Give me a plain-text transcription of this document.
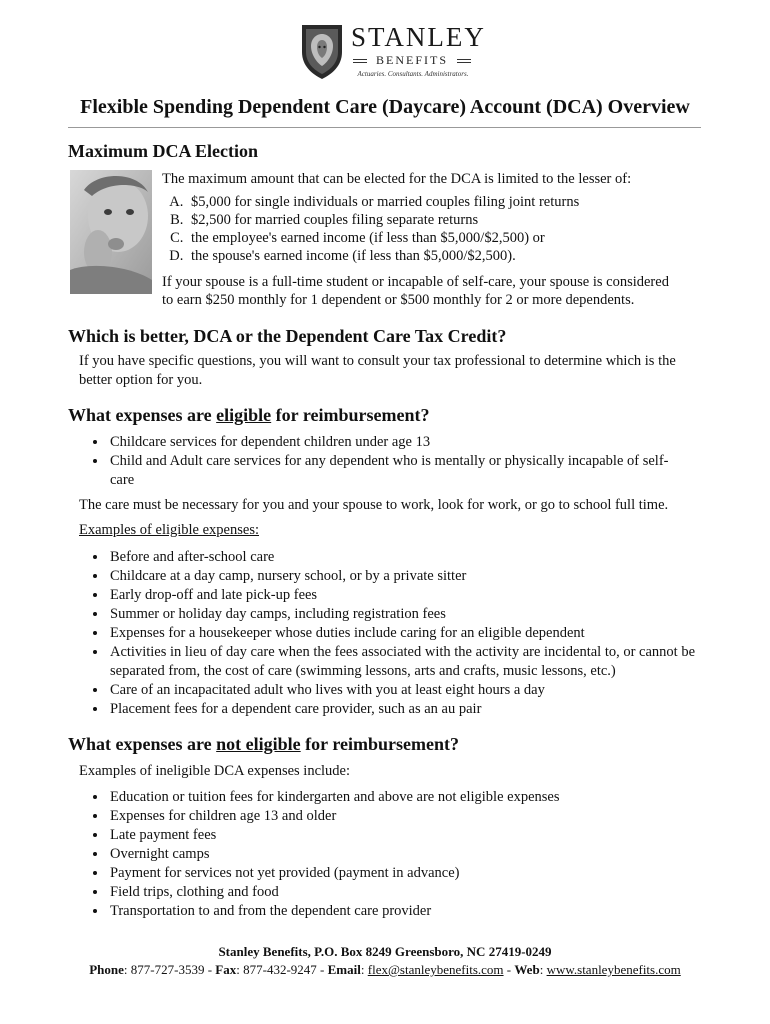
STANLEY
BENEFITS
Actuaries. Consultants. Administrators.
Flexible Spending Dependent Care (Daycare) Account (DCA) Overview
Maximum DCA Election

The maximum amount that can be elected for the DCA is limited to the lesser of:

A. $5,000 for single individuals or married couples filing joint returns
B. $2,500 for married couples filing separate returns
C. the employee's earned income (if less than $5,000/$2,500) or
D. the spouse's earned income (if less than $5,000/$2,500).

If your spouse is a full-time student or incapable of self-care, your spouse is considered

to earn $250 monthly for 1 dependent or $500 monthly for 2 or more dependents.

Which is better, DCA or the Dependent Care Tax Credit?

If you have specific questions, you will want to consult your tax professional to determine which is the

better option for you.

What expenses are eligible for reimbursement?
• Childcare services for dependent children under age 13
• Child and Adult care services for any dependent who is mentally or physically incapable of self-care

The care must be necessary for you and your spouse to work, look for work, or go to school full time.

Examples of eligible expenses:

• Before and after-school care
• Childcare at a day camp, nursery school, or by a private sitter
• Early drop-off and late pick-up fees
• Summer or holiday day camps, including registration fees
• Expenses for a housekeeper whose duties include caring for an eligible dependent
• Activities in lieu of day care when the fees associated with the activity are incidental to, or cannot be separated from, the cost of care (swimming lessons, arts and crafts, music lessons, etc.)
• Care of an incapacitated adult who lives with you at least eight hours a day
• Placement fees for a dependent care provider, such as an au pair
What expenses are not eligible for reimbursement?

Examples of ineligible DCA expenses include:

• Education or tuition fees for kindergarten and above are not eligible expenses
• Expenses for children age 13 and older
• Late payment fees
• Overnight camps
• Payment for services not yet provided (payment in advance)
• Field trips, clothing and food
• Transportation to and from the dependent care provider
Stanley Benefits, P.O. Box 8249 Greensboro, NC 27419-0249
Phone: 877-727-3539 - Fax: 877-432-9247 - Email: flex@stanleybenefits.com - Web: www.stanleybenefits.com
